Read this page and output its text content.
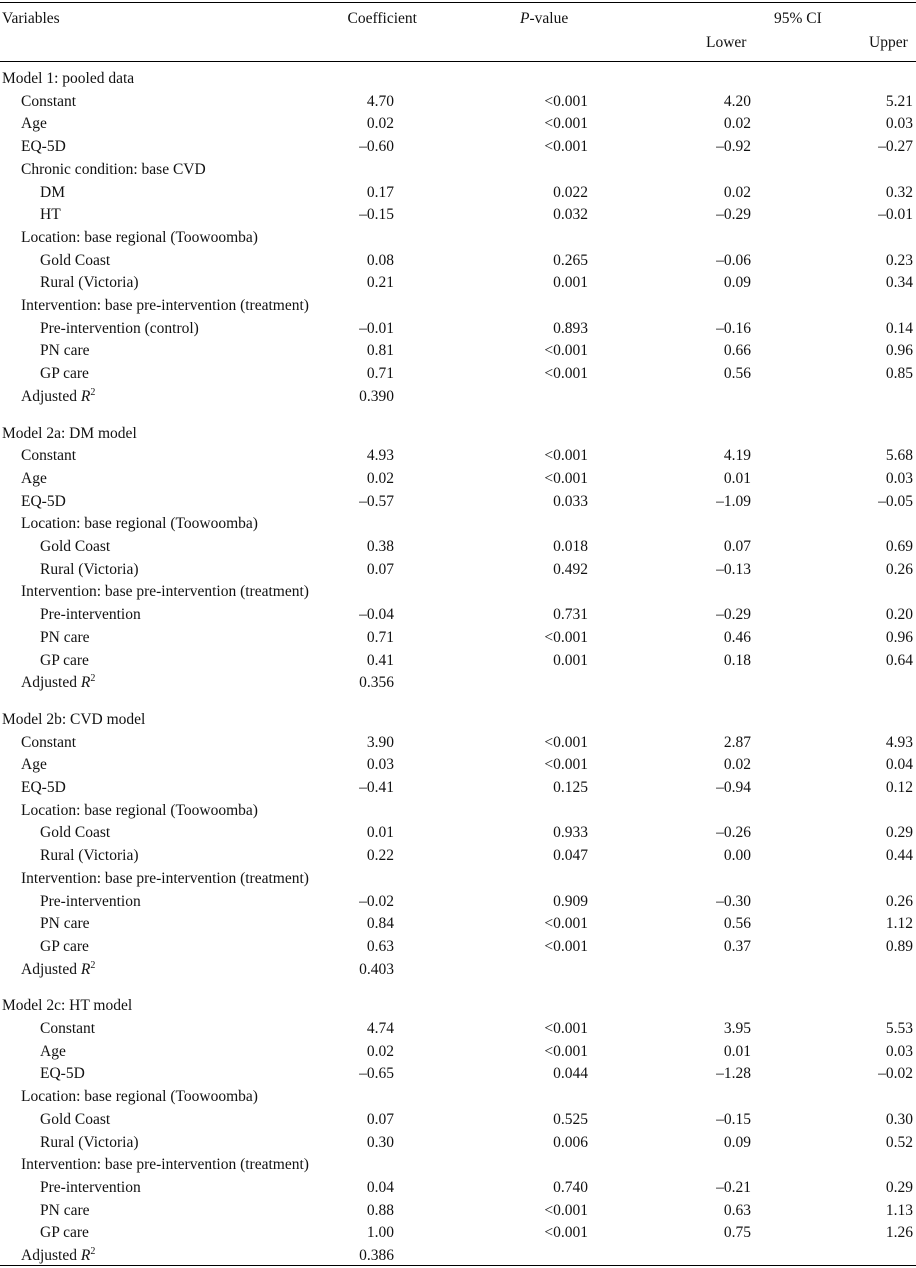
Variables	Coefficient	P-value	95% CI
Lower	Upper
Model 1: pooled data
Constant	4.70	<0.001	4.20	5.21
Age	0.02	<0.001	0.02	0.03
EQ-5D	–0.60	<0.001	–0.92	–0.27
Chronic condition: base CVD
DM	0.17	0.022	0.02	0.32
HT	–0.15	0.032	–0.29	–0.01
Location: base regional (Toowoomba)
Gold Coast	0.08	0.265	–0.06	0.23
Rural (Victoria)	0.21	0.001	0.09	0.34
Intervention: base pre-intervention (treatment)
Pre-intervention (control)	–0.01	0.893	–0.16	0.14
PN care	0.81	<0.001	0.66	0.96
GP care	0.71	<0.001	0.56	0.85
Adjusted $R^2$	0.390
Model 2a: DM model
Constant	4.93	<0.001	4.19	5.68
Age	0.02	<0.001	0.01	0.03
EQ-5D	–0.57	0.033	–1.09	–0.05
Location: base regional (Toowoomba)
Gold Coast	0.38	0.018	0.07	0.69
Rural (Victoria)	0.07	0.492	–0.13	0.26
Intervention: base pre-intervention (treatment)
Pre-intervention	–0.04	0.731	–0.29	0.20
PN care	0.71	<0.001	0.46	0.96
GP care	0.41	0.001	0.18	0.64
Adjusted $R^2$	0.356
Model 2b: CVD model
Constant	3.90	<0.001	2.87	4.93
Age	0.03	<0.001	0.02	0.04
EQ-5D	–0.41	0.125	–0.94	0.12
Location: base regional (Toowoomba)
Gold Coast	0.01	0.933	–0.26	0.29
Rural (Victoria)	0.22	0.047	0.00	0.44
Intervention: base pre-intervention (treatment)
Pre-intervention	–0.02	0.909	–0.30	0.26
PN care	0.84	<0.001	0.56	1.12
GP care	0.63	<0.001	0.37	0.89
Adjusted $R^2$	0.403
Model 2c: HT model
Constant	4.74	<0.001	3.95	5.53
Age	0.02	<0.001	0.01	0.03
EQ-5D	–0.65	0.044	–1.28	–0.02
Location: base regional (Toowoomba)
Gold Coast	0.07	0.525	–0.15	0.30
Rural (Victoria)	0.30	0.006	0.09	0.52
Intervention: base pre-intervention (treatment)
Pre-intervention	0.04	0.740	–0.21	0.29
PN care	0.88	<0.001	0.63	1.13
GP care	1.00	<0.001	0.75	1.26
Adjusted $R^2$	0.386
